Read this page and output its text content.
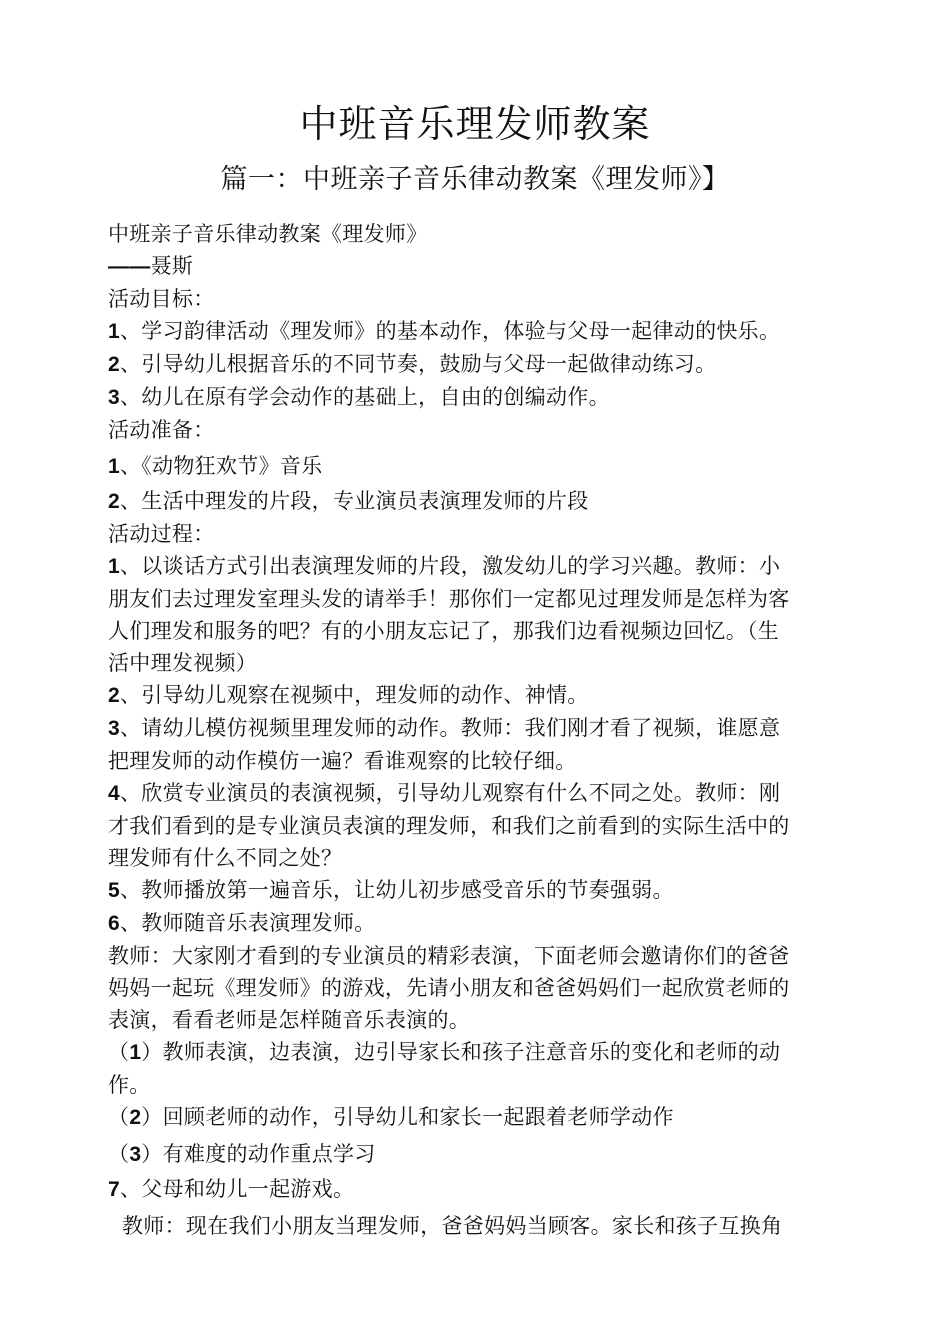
中班音乐理发师教案
篇一：中班亲子音乐律动教案《理发师》】

中班亲子音乐律动教案《理发师》

——聂斯

活动目标：

1、学习韵律活动《理发师》的基本动作，体验与父母一起律动的快乐。

2、引导幼儿根据音乐的不同节奏，鼓励与父母一起做律动练习。

3、幼儿在原有学会动作的基础上，自由的创编动作。

活动准备：

1、《动物狂欢节》音乐

2、生活中理发的片段，专业演员表演理发师的片段

活动过程：

1、以谈话方式引出表演理发师的片段，激发幼儿的学习兴趣。教师：小

朋友们去过理发室理头发的请举手！那你们一定都见过理发师是怎样为客

人们理发和服务的吧？有的小朋友忘记了，那我们边看视频边回忆。（生

活中理发视频）

2、引导幼儿观察在视频中，理发师的动作、神情。

3、请幼儿模仿视频里理发师的动作。教师：我们刚才看了视频，谁愿意

把理发师的动作模仿一遍？看谁观察的比较仔细。

4、欣赏专业演员的表演视频，引导幼儿观察有什么不同之处。教师：刚

才我们看到的是专业演员表演的理发师，和我们之前看到的实际生活中的

理发师有什么不同之处？

5、教师播放第一遍音乐，让幼儿初步感受音乐的节奏强弱。

6、教师随音乐表演理发师。

教师：大家刚才看到的专业演员的精彩表演，下面老师会邀请你们的爸爸

妈妈一起玩《理发师》的游戏，先请小朋友和爸爸妈妈们一起欣赏老师的

表演，看看老师是怎样随音乐表演的。

（1）教师表演，边表演，边引导家长和孩子注意音乐的变化和老师的动

作。

（2）回顾老师的动作，引导幼儿和家长一起跟着老师学动作

（3）有难度的动作重点学习

7、父母和幼儿一起游戏。

教师：现在我们小朋友当理发师，爸爸妈妈当顾客。家长和孩子互换角
